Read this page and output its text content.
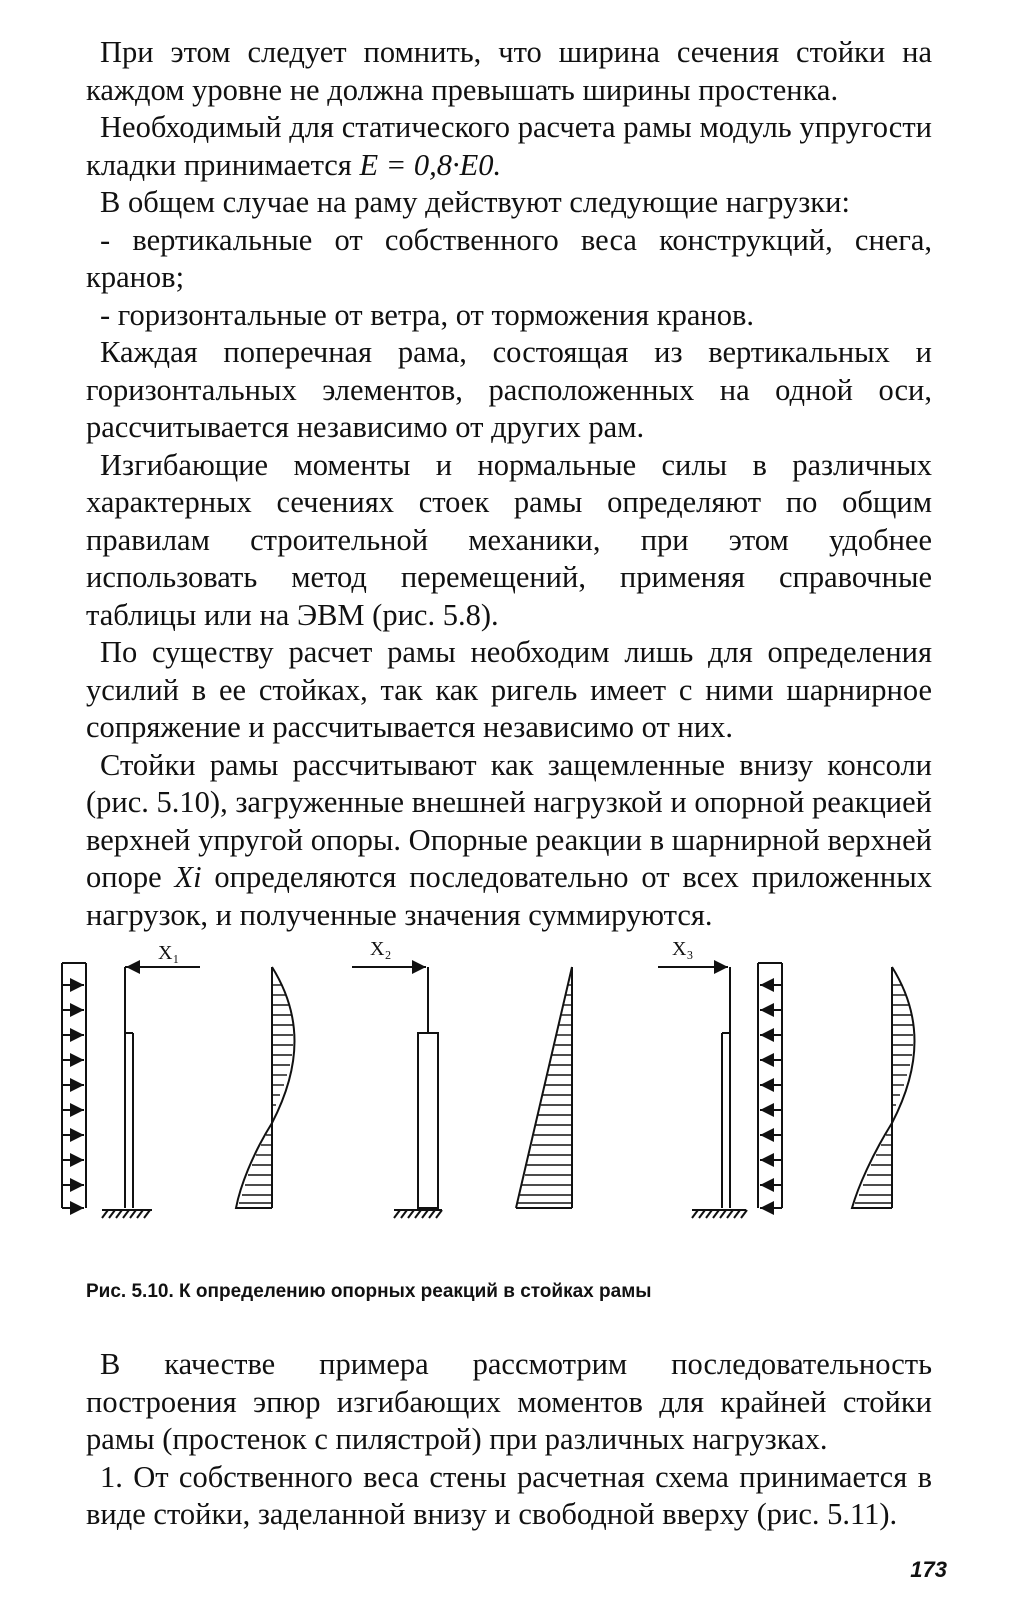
При этом следует помнить, что ширина сечения стойки на каждом уровне не должна превышать ширины простенка.

Необходимый для статического расчета рамы модуль упругости кладки принимается E = 0,8·E0.

В общем случае на раму действуют следующие нагрузки:

- вертикальные от собственного веса конструкций, снега, кранов;

- горизонтальные от ветра, от торможения кранов.

Каждая поперечная рама, состоящая из вертикальных и горизонтальных элементов, расположенных на одной оси, рассчитывается независимо от других рам.

Изгибающие моменты и нормальные силы в различных характерных сечениях стоек рамы определяют по общим правилам строительной механики, при этом удобнее использовать метод перемещений, применяя справочные таблицы или на ЭВМ (рис. 5.8).

По существу расчет рамы необходим лишь для определения усилий в ее стойках, так как ригель имеет с ними шарнирное сопряжение и рассчитывается независимо от них.

Стойки рамы рассчитывают как защемленные внизу консоли (рис. 5.10), загруженные внешней нагрузкой и опорной реакцией верхней упругой опоры. Опорные реакции в шарнирной верхней опоре Xi определяются последовательно от всех приложенных нагрузок, и полученные значения суммируются.

X₁	X₂	X₃
Рис. 5.10. К определению опорных реакций в стойках рамы

В качестве примера рассмотрим последовательность построения эпюр изгибающих моментов для крайней стойки рамы (простенок с пилястрой) при различных нагрузках.

1. От собственного веса стены расчетная схема принимается в виде стойки, заделанной внизу и свободной вверху (рис. 5.11).

173
